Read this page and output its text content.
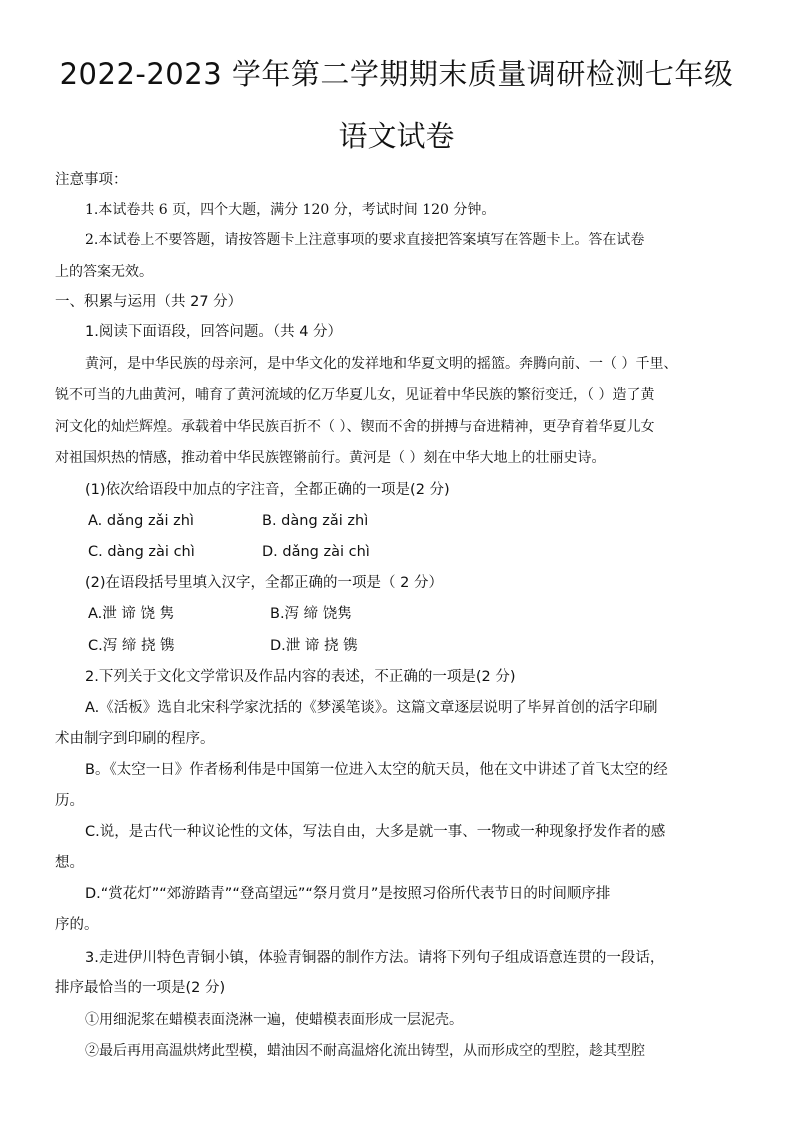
2022-2023 学年第二学期期末质量调研检测七年级
语文试卷
注意事项：
1.本试卷共 6 页，四个大题，满分 120 分，考试时间 120 分钟。
2.本试卷上不要答题，请按答题卡上注意事项的要求直接把答案填写在答题卡上。答在试卷
上的答案无效。
一、积累与运用（共 27 分）
1.阅读下面语段，回答问题。（共 4 分）
黄河，是中华民族的母亲河，是中华文化的发祥地和华夏文明的摇篮。奔腾向前、一（ ）千里、
锐不可当的九曲黄河，哺育了黄河流域的亿万华夏儿女，见证着中华民族的繁衍变迁，（ ）造了黄
河文化的灿烂辉煌。承载着中华民族百折不（ ）、锲而不舍的拼搏与奋进精神，更孕育着华夏儿女
对祖国炽热的情感，推动着中华民族铿锵前行。黄河是（ ）刻在中华大地上的壮丽史诗。
(1)依次给语段中加点的字注音，全都正确的一项是(2 分)
A. dǎng zǎi zhì	B. dàng zǎi zhì
C. dàng zài chì	D. dǎng zài chì
(2)在语段括号里填入汉字，全都正确的一项是（ 2 分）
A.泄 谛 饶 隽	B.泻 缔 饶隽
C.泻 缔 挠 镌	D.泄 谛 挠 镌
2.下列关于文化文学常识及作品内容的表述，不正确的一项是(2 分)
A.《活板》选自北宋科学家沈括的《梦溪笔谈》。这篇文章逐层说明了毕昇首创的活字印刷
术由制字到印刷的程序。
B。《太空一日》作者杨利伟是中国第一位进入太空的航天员，他在文中讲述了首飞太空的经
历。
C.说，是古代一种议论性的文体，写法自由，大多是就一事、一物或一种现象抒发作者的感
想。
D.“赏花灯”“郊游踏青”“登高望远”“祭月赏月”是按照习俗所代表节日的时间顺序排
序的。
3.走进伊川特色青铜小镇，体验青铜器的制作方法。请将下列句子组成语意连贯的一段话，
排序最恰当的一项是(2 分)
①用细泥浆在蜡模表面浇淋一遍，使蜡模表面形成一层泥壳。
②最后再用高温烘烤此型模，蜡油因不耐高温熔化流出铸型，从而形成空的型腔，趁其型腔
